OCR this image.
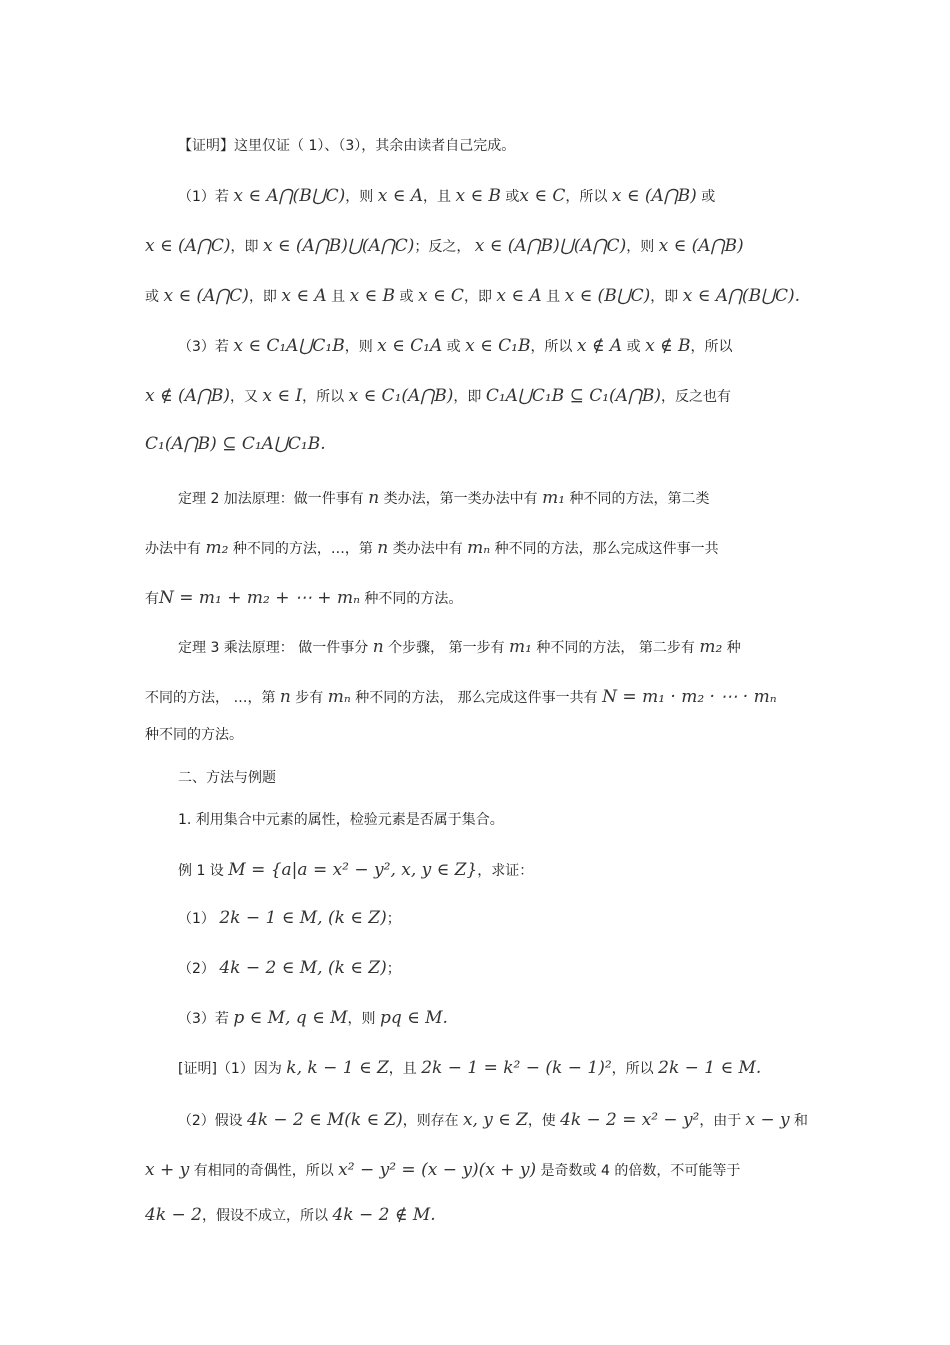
【证明】这里仅证（ 1）、（3），其余由读者自己完成。
（1）若 x ∈ A⋂(B⋃C)，则 x ∈ A，且 x ∈ B 或x ∈ C，所以 x ∈ (A⋂B) 或
x ∈ (A⋂C)，即 x ∈ (A⋂B)⋃(A⋂C)；反之， x ∈ (A⋂B)⋃(A⋂C)，则 x ∈ (A⋂B)
或 x ∈ (A⋂C)，即 x ∈ A 且 x ∈ B 或 x ∈ C，即 x ∈ A 且 x ∈ (B⋃C)，即 x ∈ A⋂(B⋃C).
（3）若 x ∈ C₁A⋃C₁B，则 x ∈ C₁A 或 x ∈ C₁B，所以 x ∉ A 或 x ∉ B，所以
x ∉ (A⋂B)，又 x ∈ I，所以 x ∈ C₁(A⋂B)，即 C₁A⋃C₁B ⊆ C₁(A⋂B)，反之也有
C₁(A⋂B) ⊆ C₁A⋃C₁B.
定理 2 加法原理：做一件事有 n 类办法，第一类办法中有 m₁ 种不同的方法，第二类
办法中有 m₂ 种不同的方法，…，第 n 类办法中有 mₙ 种不同的方法，那么完成这件事一共
有N = m₁ + m₂ + ⋯ + mₙ 种不同的方法。
定理 3 乘法原理： 做一件事分 n 个步骤， 第一步有 m₁ 种不同的方法， 第二步有 m₂ 种
不同的方法， …，第 n 步有 mₙ 种不同的方法， 那么完成这件事一共有 N = m₁ · m₂ · ⋯ · mₙ
种不同的方法。
二、方法与例题
1. 利用集合中元素的属性，检验元素是否属于集合。
例 1 设 M = {a|a = x² − y², x, y ∈ Z}，求证：
（1） 2k − 1 ∈ M, (k ∈ Z)；
（2） 4k − 2 ∈ M, (k ∈ Z)；
（3）若 p ∈ M, q ∈ M，则 pq ∈ M.
[证明]（1）因为 k, k − 1 ∈ Z，且 2k − 1 = k² − (k − 1)²，所以 2k − 1 ∈ M.
（2）假设 4k − 2 ∈ M(k ∈ Z)，则存在 x, y ∈ Z，使 4k − 2 = x² − y²，由于 x − y 和
x + y 有相同的奇偶性，所以 x² − y² = (x − y)(x + y) 是奇数或 4 的倍数，不可能等于
4k − 2，假设不成立，所以 4k − 2 ∉ M.
